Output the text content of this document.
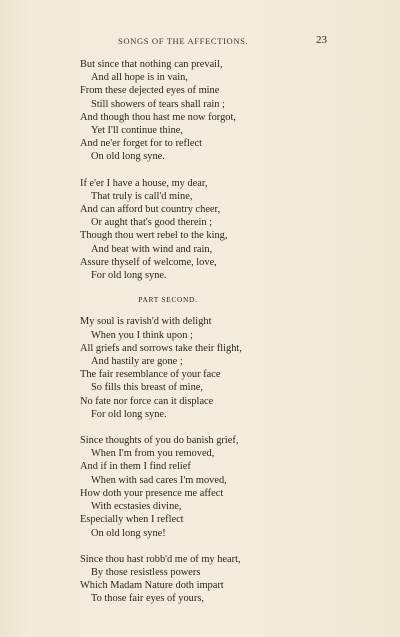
SONGS OF THE AFFECTIONS.	23
But since that nothing can prevail,
And all hope is in vain,
From these dejected eyes of mine
Still showers of tears shall rain ;
And though thou hast me now forgot,
Yet I'll continue thine,
And ne'er forget for to reflect
On old long syne.
If e'er I have a house, my dear,
That truly is call'd mine,
And can afford but country cheer,
Or aught that's good therein ;
Though thou wert rebel to the king,
And beat with wind and rain,
Assure thyself of welcome, love,
For old long syne.
PART SECOND.
My soul is ravish'd with delight
When you I think upon ;
All griefs and sorrows take their flight,
And hastily are gone ;
The fair resemblance of your face
So fills this breast of mine,
No fate nor force can it displace
For old long syne.
Since thoughts of you do banish grief,
When I'm from you removed,
And if in them I find relief
When with sad cares I'm moved,
How doth your presence me affect
With ecstasies divine,
Especially when I reflect
On old long syne!
Since thou hast robb'd me of my heart,
By those resistless powers
Which Madam Nature doth impart
To those fair eyes of yours,
